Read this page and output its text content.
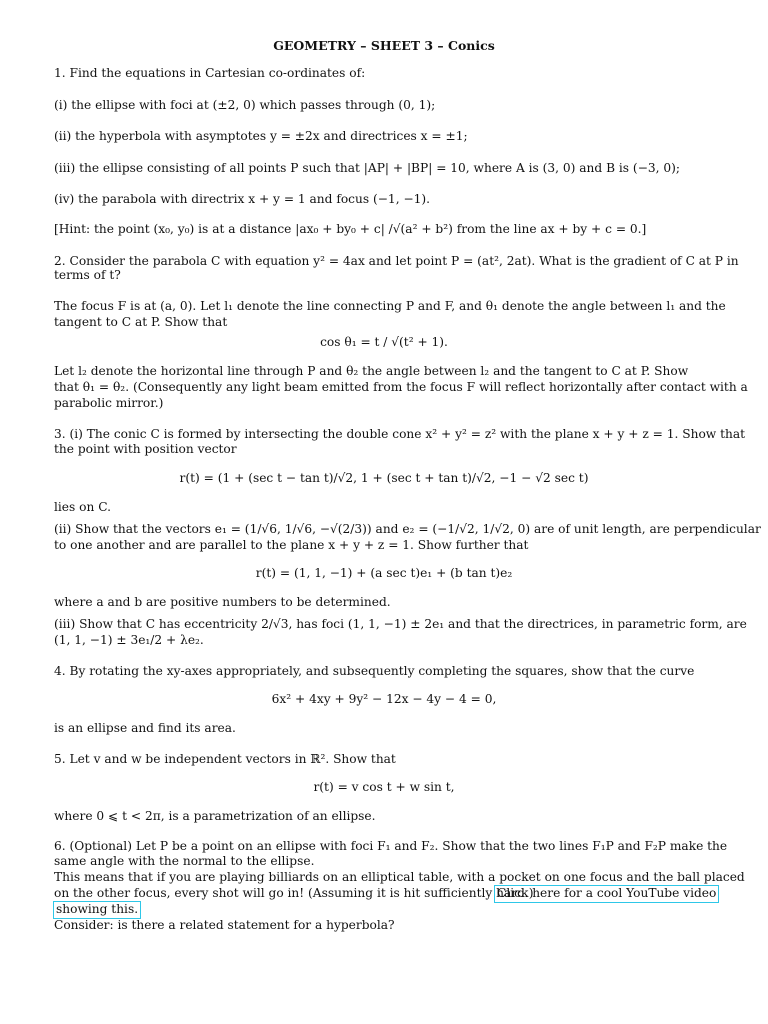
GEOMETRY – SHEET 3 – Conics
1. Find the equations in Cartesian co-ordinates of:
(i) the ellipse with foci at (±2, 0) which passes through (0, 1);
(ii) the hyperbola with asymptotes y = ±2x and directrices x = ±1;
(iii) the ellipse consisting of all points P such that |AP| + |BP| = 10, where A is (3, 0) and B is (−3, 0);
(iv) the parabola with directrix x + y = 1 and focus (−1, −1).
[Hint: the point (x₀, y₀) is at a distance |ax₀ + by₀ + c| /√(a² + b²) from the line ax + by + c = 0.]
2. Consider the parabola C with equation y² = 4ax and let point P = (at², 2at). What is the gradient of C at P in
terms of t?
The focus F is at (a, 0). Let l₁ denote the line connecting P and F, and θ₁ denote the angle between l₁ and the
tangent to C at P. Show that
cos θ₁ = t / √(t² + 1).
Let l₂ denote the horizontal line through P and θ₂ the angle between l₂ and the tangent to C at P. Show
that θ₁ = θ₂. (Consequently any light beam emitted from the focus F will reflect horizontally after contact with a
parabolic mirror.)
3. (i) The conic C is formed by intersecting the double cone x² + y² = z² with the plane x + y + z = 1. Show that
the point with position vector
r(t) = (1 + (sec t − tan t)/√2, 1 + (sec t + tan t)/√2, −1 − √2 sec t)
lies on C.
(ii) Show that the vectors e₁ = (1/√6, 1/√6, −√(2/3)) and e₂ = (−1/√2, 1/√2, 0) are of unit length, are perpendicular
to one another and are parallel to the plane x + y + z = 1. Show further that
r(t) = (1, 1, −1) + (a sec t)e₁ + (b tan t)e₂
where a and b are positive numbers to be determined.
(iii) Show that C has eccentricity 2/√3, has foci (1, 1, −1) ± 2e₁ and that the directrices, in parametric form, are
(1, 1, −1) ± 3e₁/2 + λe₂.
4. By rotating the xy-axes appropriately, and subsequently completing the squares, show that the curve
6x² + 4xy + 9y² − 12x − 4y − 4 = 0,
is an ellipse and find its area.
5. Let v and w be independent vectors in ℝ². Show that
r(t) = v cos t + w sin t,
where 0 ⩽ t < 2π, is a parametrization of an ellipse.
6. (Optional) Let P be a point on an ellipse with foci F₁ and F₂. Show that the two lines F₁P and F₂P make the
same angle with the normal to the ellipse.
This means that if you are playing billiards on an elliptical table, with a pocket on one focus and the ball placed
on the other focus, every shot will go in! (Assuming it is hit sufficiently hard.)
Click here for a cool YouTube video
showing this.
Consider: is there a related statement for a hyperbola?
